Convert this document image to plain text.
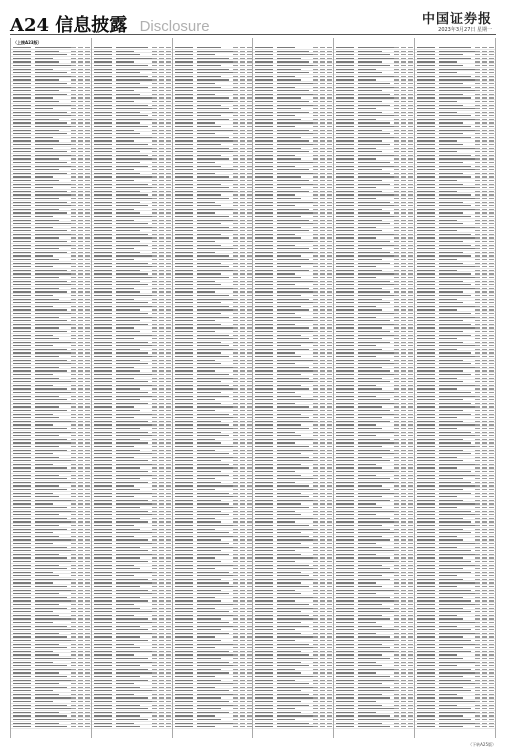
A24 信息披露 Disclosure	中国证券报
2023年3月27日 星期一
（上接A23版）
（下转A25版）
